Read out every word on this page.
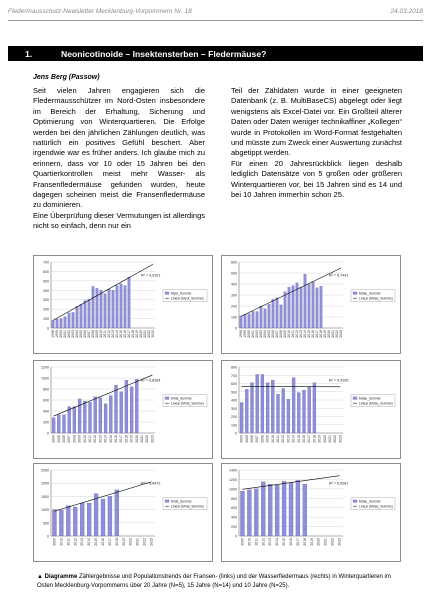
Fledermausschutz-Newsletter Mecklenburg-Vorpommern Nr. 18	24.03.2018
1.	Neonicotinoide – Insektensterben – Fledermäuse?
Jens Berg (Passow)

Seit vielen Jahren engagieren sich die Fledermausschützer im Nord-Osten insbesondere im Bereich der Erhaltung, Sicherung und Optimierung von Winterquartieren. Die Erfolge werden bei den jährlichen Zählungen deutlich, was natürlich ein positives Gefühl beschert. Aber irgendwie war es früher anders. Ich glaube mich zu erinnern, dass vor 10 oder 15 Jahren bei den Quartierkontrollen meist mehr Wasser- als Fransenfledermäuse gefunden wurden, heute dagegen scheinen meist die Fransenfledermäuse zu dominieren.

Eine Überprüfung dieser Vermutungen ist allerdings nicht so einfach, denn nur ein

Teil der Zähldaten wurde in einer geeigneten Datenbank (z. B. MultiBaseCS) abgelegt oder liegt wenigstens als Excel-Datei vor. Ein Großteil älterer Daten oder Daten weniger technikaffiner „Kollegen“ wurde in Protokollen im Word-Format festgehalten und müsste zum Zweck einer Auswertung zunächst abgetippt werden.

Für einen 20 Jahresrückblick liegen deshalb lediglich Datensätze von 5 großen oder größeren Winterquartieren vor, bei 15 Jahren sind es 14 und bei 10 Jahren immerhin schon 25.

0
100
200
300
400
500
600
700
1998 1999 2000 2001 2002 2003 2004 2005 2006 2007 2008 2009 2010 2011 2012 2013 2014 2015 2016 2017 2018 2019 2020 2021 2022 2023
R² = 0,9101
Myot_Summe
Linear (Myot_Summe)
0
100
200
300
400
500
600
1998 1999 2000 2001 2002 2003 2004 2005 2006 2007 2008 2009 2010 2011 2012 2013 2014 2015 2016 2017 2018 2019 2020 2021 2022 2023
R² = 0,7441
Mdau_Summe
Linear (Mdau_Summe)
0
200
400
600
800
1000
1200
2004 2005 2006 2007 2008 2009 2010 2011 2012 2013 2014 2015 2016 2017 2018 2019 2020 2021 2022 2023
R² = 0,8284
Mnat_Summe
Linear (Mnat_Summe)
0
100
200
300
400
500
600
700
800
2004 2005 2006 2007 2008 2009 2010 2011 2012 2013 2014 2015 2016 2017 2018 2019 2020 2021 2022 2023
R² = 0,4105
Mdau_Summe
Linear (Mdau_Summe)
0
500
1000
1500
2000
2500
2009 2010 2011 2012 2013 2014 2015 2016 2017 2018 2019 2020 2021 2022 2023
R² = 0,9472
Mnat_Summe
Linear (Mnat_Summe)
0
200
400
600
800
1000
1200
1400
2009 2010 2011 2012 2013 2014 2015 2016 2017 2018 2019 2020 2021 2022 2023
R² = 0,5287
Mdau_Summe
Linear (Mdau_Summe)
▲ Diagramme Zählergebnisse und Populationstrends der Fransen- (links) und der Wasserfledermaus (rechts) in Winterquartieren im Osten Mecklenburg-Vorpommerns über 20 Jahre (N=5), 15 Jahre (N=14) und 10 Jahre (N=25).
